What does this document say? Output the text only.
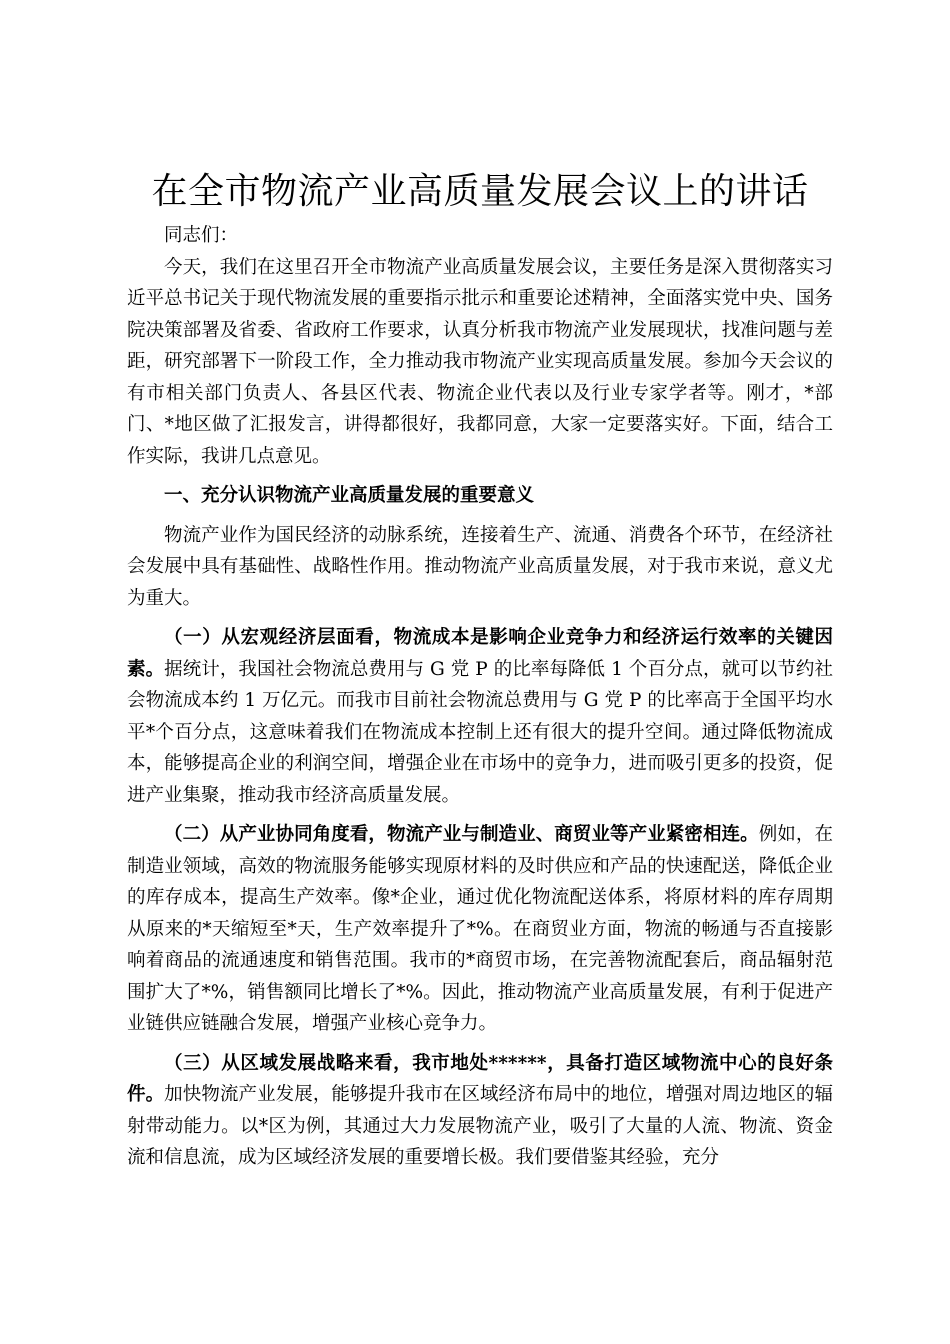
在全市物流产业高质量发展会议上的讲话

同志们：

今天，我们在这里召开全市物流产业高质量发展会议，主要任务是深入贯彻落实习近平总书记关于现代物流发展的重要指示批示和重要论述精神，全面落实党中央、国务院决策部署及省委、省政府工作要求，认真分析我市物流产业发展现状，找准问题与差距，研究部署下一阶段工作，全力推动我市物流产业实现高质量发展。参加今天会议的有市相关部门负责人、各县区代表、物流企业代表以及行业专家学者等。刚才，*部门、*地区做了汇报发言，讲得都很好，我都同意，大家一定要落实好。下面，结合工作实际，我讲几点意见。

一、充分认识物流产业高质量发展的重要意义

物流产业作为国民经济的动脉系统，连接着生产、流通、消费各个环节，在经济社会发展中具有基础性、战略性作用。推动物流产业高质量发展，对于我市来说，意义尤为重大。

（一）从宏观经济层面看，物流成本是影响企业竞争力和经济运行效率的关键因素。据统计，我国社会物流总费用与 G 党 P 的比率每降低 1 个百分点，就可以节约社会物流成本约 1 万亿元。而我市目前社会物流总费用与 G 党 P 的比率高于全国平均水平*个百分点，这意味着我们在物流成本控制上还有很大的提升空间。通过降低物流成本，能够提高企业的利润空间，增强企业在市场中的竞争力，进而吸引更多的投资，促进产业集聚，推动我市经济高质量发展。

（二）从产业协同角度看，物流产业与制造业、商贸业等产业紧密相连。例如，在制造业领域，高效的物流服务能够实现原材料的及时供应和产品的快速配送，降低企业的库存成本，提高生产效率。像*企业，通过优化物流配送体系，将原材料的库存周期从原来的*天缩短至*天，生产效率提升了*%。在商贸业方面，物流的畅通与否直接影响着商品的流通速度和销售范围。我市的*商贸市场，在完善物流配套后，商品辐射范围扩大了*%，销售额同比增长了*%。因此，推动物流产业高质量发展，有利于促进产业链供应链融合发展，增强产业核心竞争力。

（三）从区域发展战略来看，我市地处******，具备打造区域物流中心的良好条件。加快物流产业发展，能够提升我市在区域经济布局中的地位，增强对周边地区的辐射带动能力。以*区为例，其通过大力发展物流产业，吸引了大量的人流、物流、资金流和信息流，成为区域经济发展的重要增长极。我们要借鉴其经验，充分
